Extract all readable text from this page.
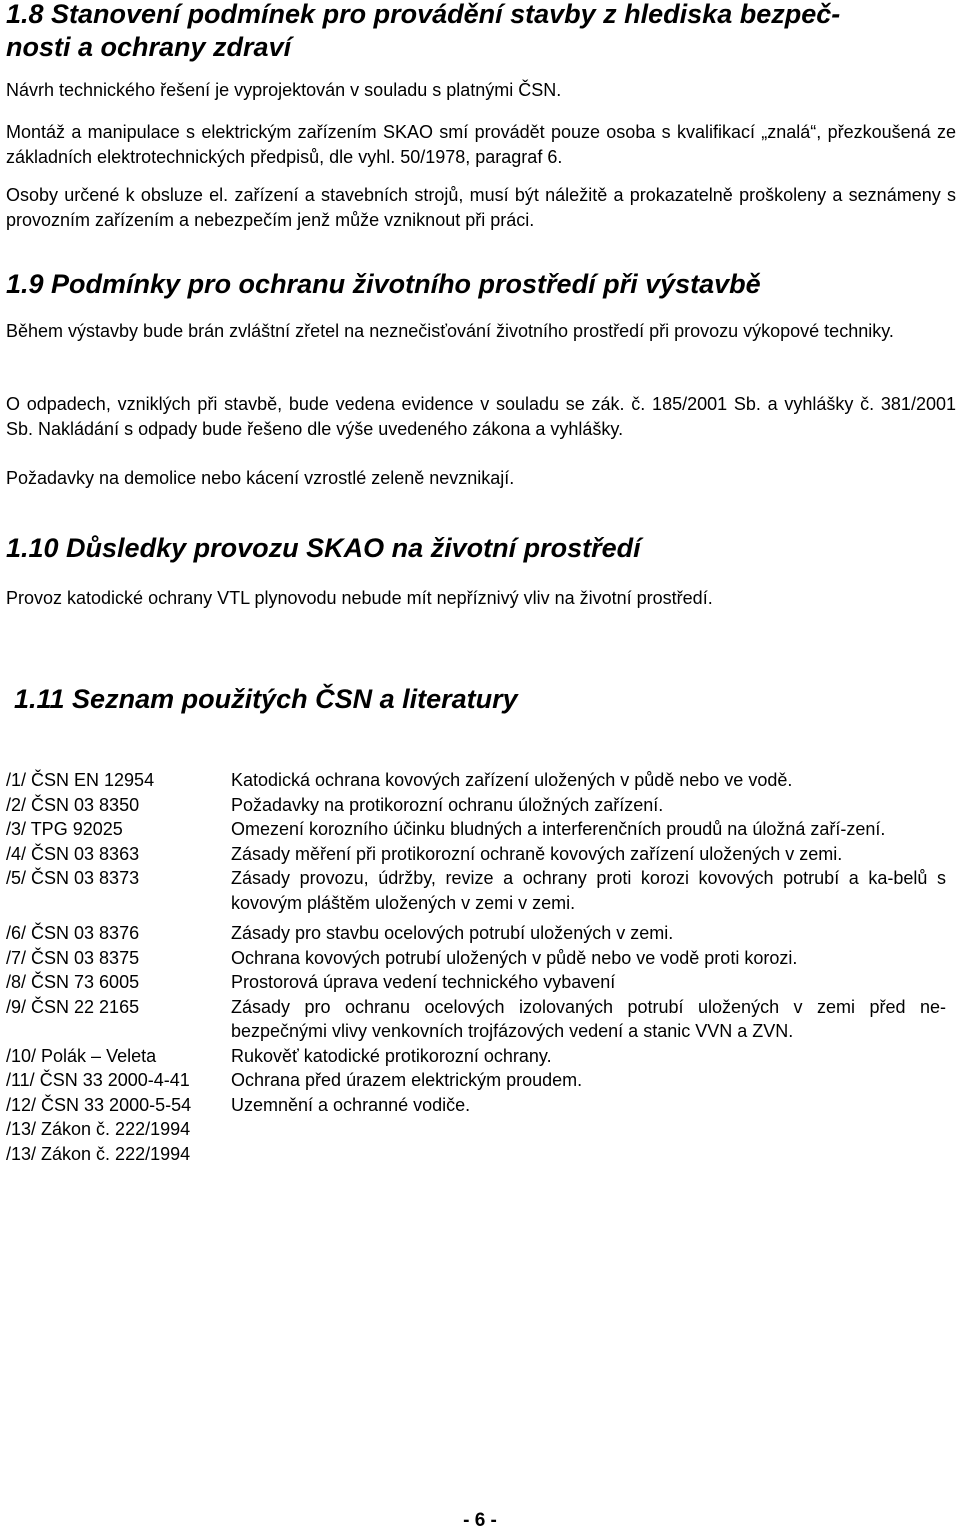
1.8 Stanovení podmínek pro provádění stavby z hlediska bezpeč-
nosti a ochrany zdraví

Návrh technického řešení je vyprojektován v souladu s platnými ČSN.

Montáž a manipulace s elektrickým zařízením SKAO smí provádět pouze osoba s kvalifikací „znalá“, přezkoušená ze základních elektrotechnických předpisů, dle vyhl. 50/1978, paragraf 6.

Osoby určené k obsluze el. zařízení a stavebních strojů, musí být náležitě a prokazatelně proškoleny a seznámeny s provozním zařízením a nebezpečím jenž může vzniknout při práci.

1.9 Podmínky pro ochranu životního prostředí při výstavbě

Během výstavby bude brán zvláštní zřetel na neznečisťování životního prostředí při provozu výkopové techniky.

O odpadech, vzniklých při stavbě, bude vedena evidence v souladu se zák. č. 185/2001 Sb. a vyhlášky č. 381/2001 Sb. Nakládání s odpady bude řešeno dle výše uvedeného zákona a vyhlášky.

Požadavky na demolice nebo kácení vzrostlé zeleně nevznikají.

1.10 Důsledky provozu SKAO na životní prostředí

Provoz katodické ochrany VTL plynovodu nebude mít nepříznivý vliv na životní prostředí.

1.11 Seznam použitých ČSN a literatury
/1/ ČSN EN 12954	Katodická ochrana kovových zařízení uložených v půdě nebo ve vodě.
/2/ ČSN 03 8350	Požadavky na protikorozní ochranu úložných zařízení.
/3/ TPG 92025	Omezení korozního účinku bludných a interferenčních proudů na úložná zaří-zení.
/4/ ČSN 03 8363	Zásady měření při protikorozní ochraně kovových zařízení uložených v zemi.
/5/ ČSN 03 8373	Zásady provozu, údržby, revize a ochrany proti korozi kovových potrubí a ka-belů s kovovým pláštěm uložených v zemi v zemi.
/6/ ČSN 03 8376	Zásady pro stavbu ocelových potrubí uložených v zemi.
/7/ ČSN 03 8375	Ochrana kovových potrubí uložených v půdě nebo ve vodě proti korozi.
/8/ ČSN 73 6005	Prostorová úprava vedení technického vybavení
/9/ ČSN 22 2165	Zásady pro ochranu ocelových izolovaných potrubí uložených v zemi před ne-bezpečnými vlivy venkovních trojfázových vedení a stanic VVN a ZVN.
/10/ Polák – Veleta	Rukověť katodické protikorozní ochrany.
/11/ ČSN 33 2000-4-41	Ochrana před úrazem elektrickým proudem.
/12/ ČSN 33 2000-5-54	Uzemnění a ochranné vodiče.
/13/ Zákon č. 222/1994
/13/ Zákon č. 222/1994
- 6 -
